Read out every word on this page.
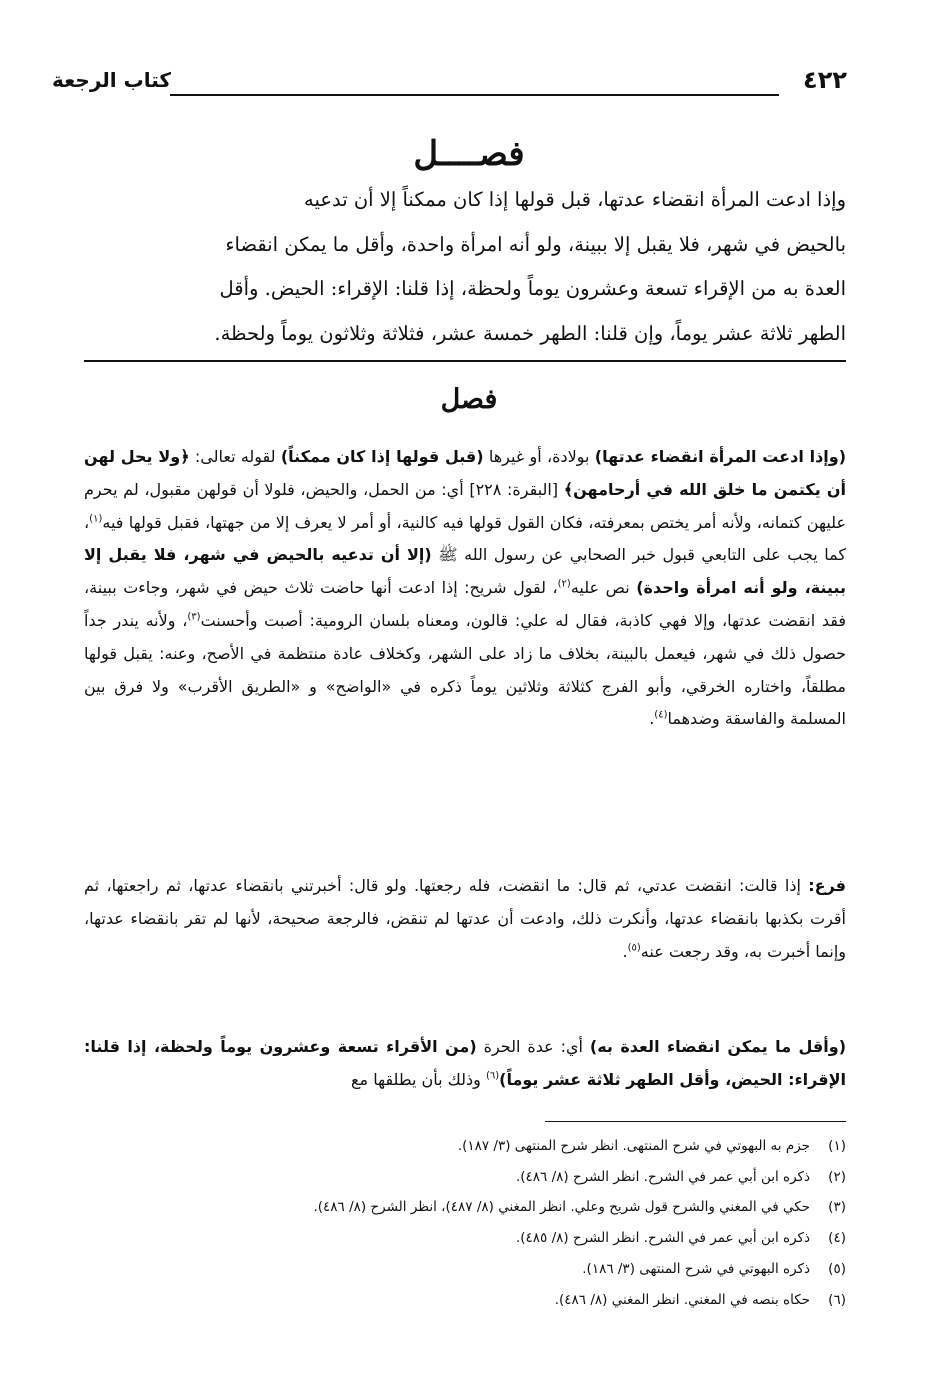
٤٢٢
كتاب الرجعة
فصــــل
وإذا ادعت المرأة انقضاء عدتها، قبل قولها إذا كان ممكناً إلا أن تدعيه
بالحيض في شهر، فلا يقبل إلا ببينة، ولو أنه امرأة واحدة، وأقل ما يمكن انقضاء
العدة به من الإقراء تسعة وعشرون يوماً ولحظة، إذا قلنا: الإقراء: الحيض. وأقل
الطهر ثلاثة عشر يوماً، وإن قلنا: الطهر خمسة عشر، فثلاثة وثلاثون يوماً ولحظة.
فصل

(وإذا ادعت المرأة انقضاء عدتها) بولادة، أو غيرها (قبل قولها إذا كان ممكناً) لقوله تعالى: ﴿ولا يحل لهن أن يكتمن ما خلق الله في أرحامهن﴾ [البقرة: ٢٢٨] أي: من الحمل، والحيض، فلولا أن قولهن مقبول، لم يحرم عليهن كتمانه، ولأنه أمر يختص بمعرفته، فكان القول قولها فيه كالنية، أو أمر لا يعرف إلا من جهتها، فقبل قولها فيه$^{(١)}$، كما يجب على التابعي قبول خبر الصحابي عن رسول الله ﷺ (إلا أن تدعيه بالحيض في شهر، فلا يقبل إلا ببينة، ولو أنه امرأة واحدة) نص عليه$^{(٢)}$، لقول شريح: إذا ادعت أنها حاضت ثلاث حيض في شهر، وجاءت ببينة، فقد انقضت عدتها، وإلا فهي كاذبة، فقال له علي: قالون، ومعناه بلسان الرومية: أصبت وأحسنت$^{(٣)}$، ولأنه يندر جداً حصول ذلك في شهر، فيعمل بالبينة، بخلاف ما زاد على الشهر، وكخلاف عادة منتظمة في الأصح، وعنه: يقبل قولها مطلقاً، واختاره الخرقي، وأبو الفرج كثلاثة وثلاثين يوماً ذكره في «الواضح» و «الطريق الأقرب» ولا فرق بين المسلمة والفاسقة وضدهما$^{(٤)}$.

فرع: إذا قالت: انقضت عدتي، ثم قال: ما انقضت، فله رجعتها. ولو قال: أخبرتني بانقضاء عدتها، ثم راجعتها، ثم أقرت بكذبها بانقضاء عدتها، وأنكرت ذلك، وادعت أن عدتها لم تنقض، فالرجعة صحيحة، لأنها لم تقر بانقضاء عدتها، وإنما أخبرت به، وقد رجعت عنه$^{(٥)}$.

(وأقل ما يمكن انقضاء العدة به) أي: عدة الحرة (من الأقراء تسعة وعشرون يوماً ولحظة، إذا قلنا: الإقراء: الحيض، وأقل الطهر ثلاثة عشر يوماً)$^{(٦)}$ وذلك بأن يطلقها مع

(١)
جزم به البهوتي في شرح المنتهى. انظر شرح المنتهى (٣/ ١٨٧).
(٢)
ذكره ابن أبي عمر في الشرح. انظر الشرح (٨/ ٤٨٦).
(٣)
حكي في المغني والشرح قول شريح وعلي. انظر المغني (٨/ ٤٨٧)، انظر الشرح (٨/ ٤٨٦).
(٤)
ذكره ابن أبي عمر في الشرح. انظر الشرح (٨/ ٤٨٥).
(٥)
ذكره البهوتي في شرح المنتهى (٣/ ١٨٦).
(٦)
حكاه بنصه في المغني. انظر المغني (٨/ ٤٨٦).
